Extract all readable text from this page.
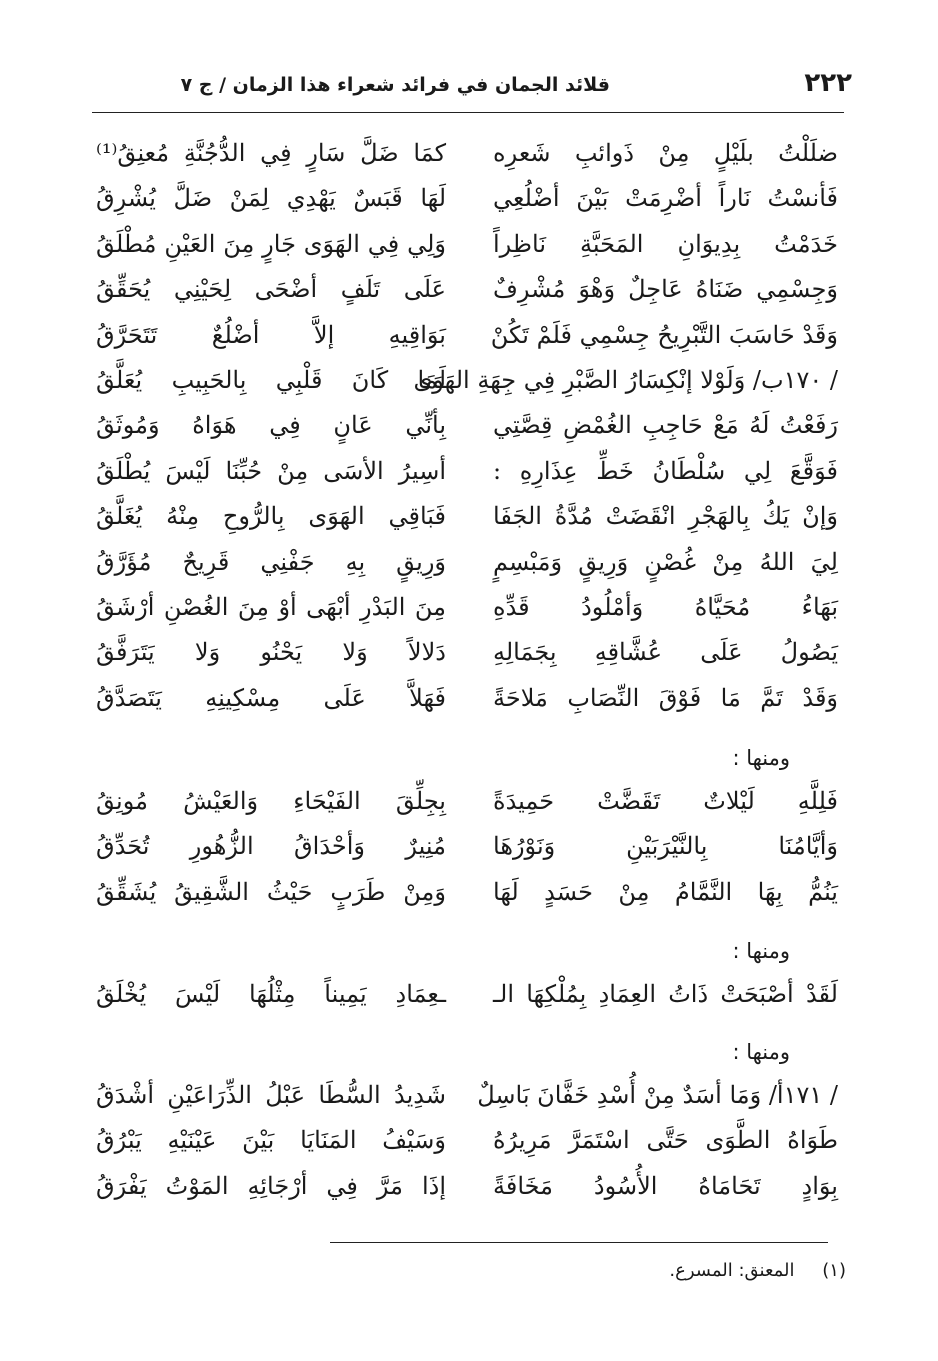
٢٢٢
قلائد الجمان في فرائد شعراء هذا الزمان / ج ٧
ضلَلْتُ بلَيْلٍ مِنْ ذَوائبِ شَعرِه
كمَا ضَلَّ سَارٍ فِي الدُّجُنَّةِ مُعنِقُ⁽¹⁾
فَأنسْتُ نَاراً أضْرِمَتْ بَيْنَ أضْلُعِي
لَهَا قَبَسٌ يَهْدِي لِمَنْ ضَلَّ يُشْرِقُ
خَدَمْتُ بِدِيوَانِ المَحَبَّةِ نَاظِراً
وَلِي فِي الهَوَى جَارٍ مِنَ العَيْنِ مُطْلَقُ
وَجِسْمِي ضَنَاهُ عَاجِلٌ وَهْوَ مُشْرِفٌ
عَلَى تَلَفٍ أضْحَى لِحَيْنِي يُحَقِّقُ
وَقَدْ حَاسَبَ التَّبْرِيحُ جِسْمِي فَلَمْ تَكُنْ
بَوَاقِيهِ إلاَّ أضْلُعٌ تَتَحَرَّقُ
/ ١٧٠ب/ وَلَوْلا إنْكِسَارُ الصَّبْرِ فِي جِهَةِ الهَوَى
لَمَا كَانَ قَلْبِي بِالحَبِيبِ يُعَلَّقُ
رَفَعْتُ لَهُ مَعْ حَاجِبِ الغُمْضِ قِصَّتِي
بِأنِّي عَانٍ فِي هَوَاهُ وَمُوثَقُ
فَوَقَّعَ لِي سُلْطَانُ خَطِّ عِذَارِهِ :
أسِيرُ الأسَى مِنْ حُبِّنَا لَيْسَ يُطْلَقُ
وَإنْ يَكُ بِالهَجْرِ انْقَضَتْ مُدَّةُ الجَفَا
فَبَاقِي الهَوَى بِالرُّوحِ مِنْهُ يُغَلَّقُ
لِيَ اللهُ مِنْ غُصْنٍ وَرِيقٍ وَمَبْسِمٍ
وَرِيقٍ بِهِ جَفْنِي قَرِيحٌ مُؤَرَّقُ
بَهَاءُ مُحَيَّاهُ وَأمْلُودُ قَدِّهِ
مِنَ البَدْرِ أبْهَى أوْ مِنَ الغُصْنِ أرْشَقُ
يَصُولُ عَلَى عُشَّاقِهِ بِجَمَالِهِ
دَلالاً وَلا يَحْنُو وَلا يَتَرَفَّقُ
وَقَدْ تَمَّ مَا فَوْقَ النِّصَابِ مَلاحَةً
فَهَلاَّ عَلَى مِسْكِينِهِ يَتَصَدَّقُ
ومنها :
فَلِلَّهِ لَيْلاتٌ تَقَضَّتْ حَمِيدَةً
بِجِلِّقَ الفَيْحَاءِ وَالعَيْشُ مُونِقُ
وَأيَّامُنَا بِالنَّيْرَبَيْنِ وَنَوْرُهَا
مُنِيرٌ وَأحْدَاقُ الزُّهُورِ تُحَدِّقُ
يَنُمُّ بِهَا النَّمَّامُ مِنْ حَسَدٍ لَهَا
وَمِنْ طَرَبٍ حَيْثُ الشَّقِيقُ يُشَقِّقُ
ومنها :
لَقَدْ أصْبَحَتْ ذَاتُ العِمَادِ بِمُلْكِهَا الـ
ـعِمَادِ يَمِيناً مِثْلُهَا لَيْسَ يُخْلَقُ
ومنها :
/ ١٧١أ/ وَمَا أسَدٌ مِنْ أُسْدِ خَفَّانَ بَاسِلٌ
شَدِيدُ السُّطَا عَبْلُ الذِّرَاعَيْنِ أشْدَقُ
طَوَاهُ الطَّوَى حَتَّى اسْتَمَرَّ مَرِيرُهُ
وَسَيْفُ المَنَايَا بَيْنَ عَيْنَيْهِ يَبْرُقُ
بِوَادٍ تَحَامَاهُ الأُسُودُ مَخَافَةً
إذَا مَرَّ فِي أرْجَائِهِ المَوْتُ يَفْرَقُ
(١) المعنق: المسرع.
